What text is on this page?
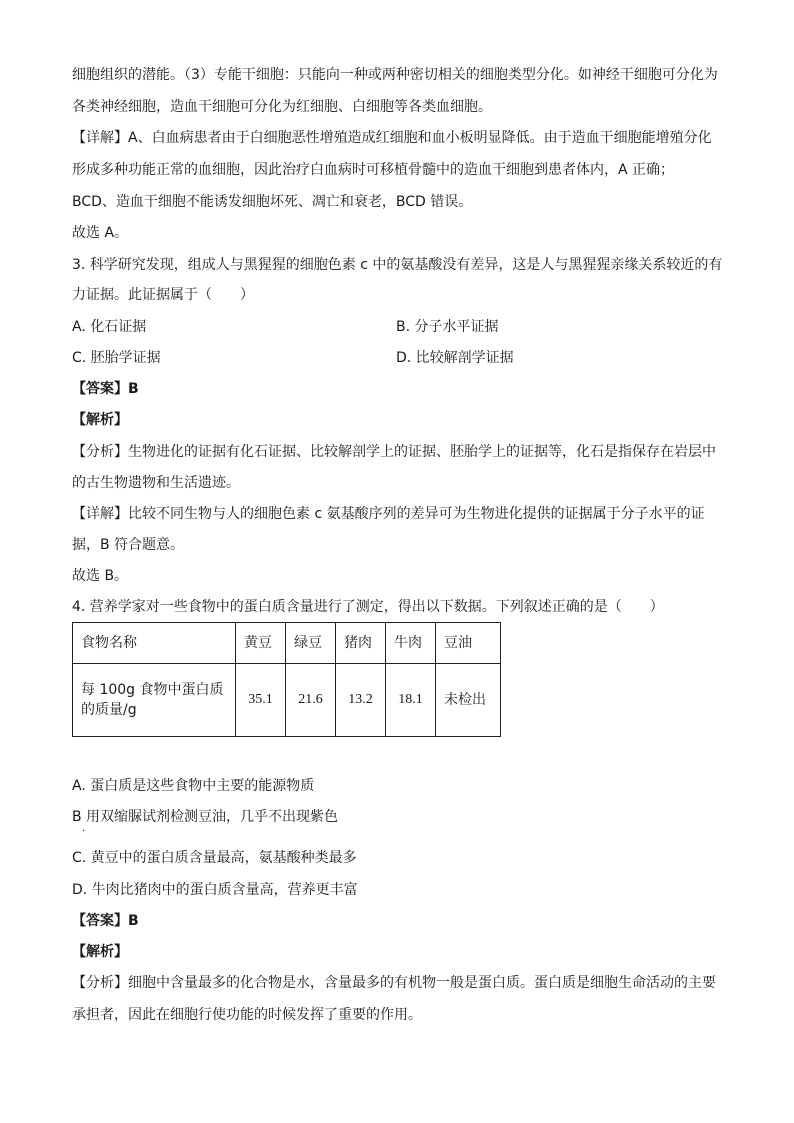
细胞组织的潜能。（3）专能干细胞：只能向一种或两种密切相关的细胞类型分化。如神经干细胞可分化为
各类神经细胞，造血干细胞可分化为红细胞、白细胞等各类血细胞。
【详解】A、白血病患者由于白细胞恶性增殖造成红细胞和血小板明显降低。由于造血干细胞能增殖分化
形成多种功能正常的血细胞，因此治疗白血病时可移植骨髓中的造血干细胞到患者体内，A 正确；
BCD、造血干细胞不能诱发细胞坏死、凋亡和衰老，BCD 错误。
故选 A。
3. 科学研究发现，组成人与黑猩猩的细胞色素 c 中的氨基酸没有差异，这是人与黑猩猩亲缘关系较近的有
力证据。此证据属于（　　）
A. 化石证据	B. 分子水平证据
C. 胚胎学证据	D. 比较解剖学证据
【答案】B
【解析】
【分析】生物进化的证据有化石证据、比较解剖学上的证据、胚胎学上的证据等，化石是指保存在岩层中
的古生物遗物和生活遗迹。
【详解】比较不同生物与人的细胞色素 c 氨基酸序列的差异可为生物进化提供的证据属于分子水平的证
据，B 符合题意。
故选 B。
4. 营养学家对一些食物中的蛋白质含量进行了测定，得出以下数据。下列叙述正确的是（　　）
食物名称	黄豆	绿豆	猪肉	牛肉	豆油

每 100g 食物中蛋白质
的质量/g	35.1	21.6	13.2	18.1	未检出
A. 蛋白质是这些食物中主要的能源物质
B 用双缩脲试剂检测豆油，几乎不出现紫色
·
C. 黄豆中的蛋白质含量最高，氨基酸种类最多
D. 牛肉比猪肉中的蛋白质含量高，营养更丰富
【答案】B
【解析】
【分析】细胞中含量最多的化合物是水，含量最多的有机物一般是蛋白质。蛋白质是细胞生命活动的主要
承担者，因此在细胞行使功能的时候发挥了重要的作用。
